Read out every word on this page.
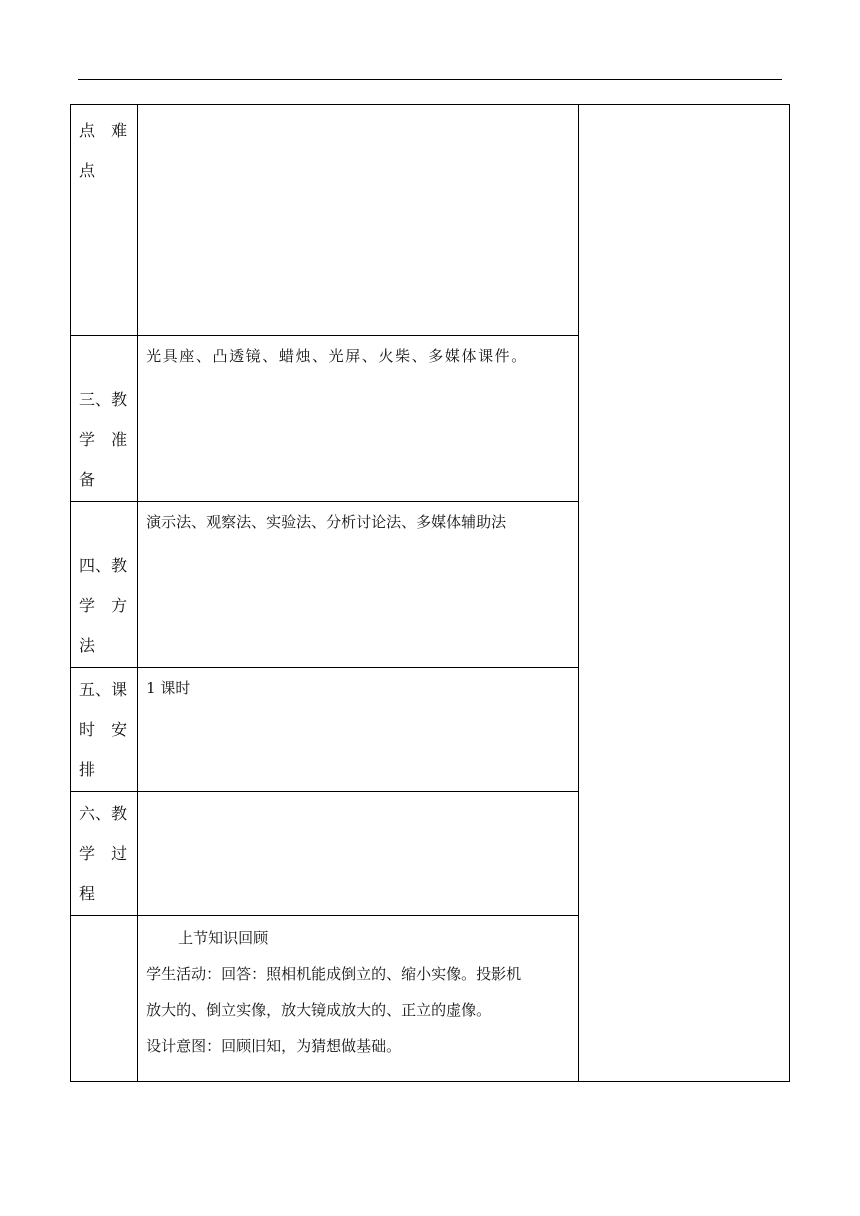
点　难
点		

三、教
学　准
备	光具座、凸透镜、蜡烛、光屏、火柴、多媒体课件。	

四、教
学　方
法	演示法、观察法、实验法、分析讨论法、多媒体辅助法	

五、课
时　安
排	1 课时	

六、教
学　过
程		

	上节知识回顾

学生活动：回答：照相机能成倒立的、缩小实像。投影机

放大的、倒立实像，放大镜成放大的、正立的虚像。

设计意图：回顾旧知，为猜想做基础。	
